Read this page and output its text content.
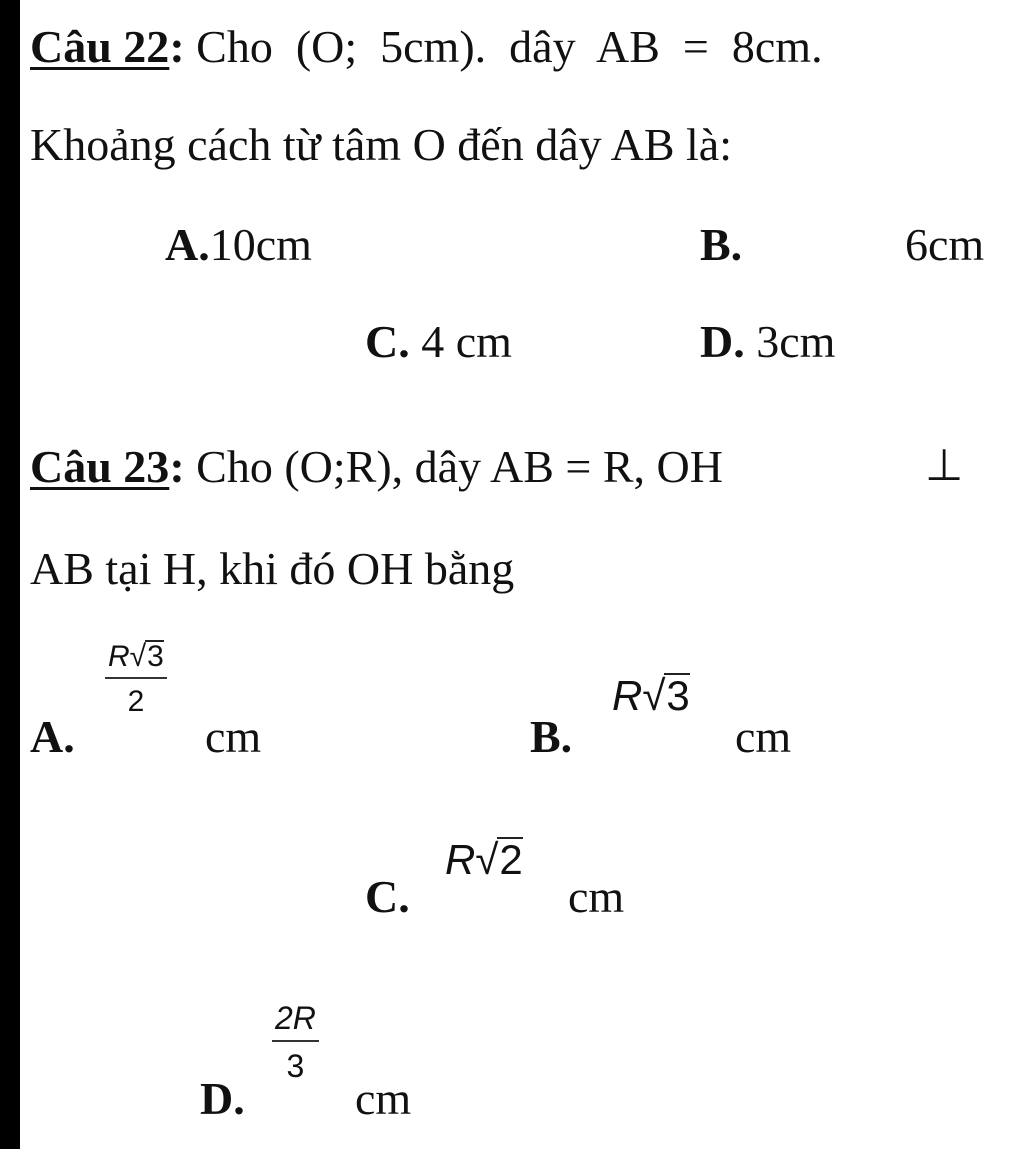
Câu 22: Cho  (O;  5cm).  dây  AB  =  8cm.
Khoảng cách từ tâm O đến dây AB là:
A.10cm	B.	6cm
C. 4 cm	D. 3cm
Câu 23: Cho (O;R), dây AB = R, OH	⊥
AB tại H, khi đó OH bằng
A.
$\frac{R√3}{2}$
cm	B.
R√3
cm
C.
R√2
cm
D.
$\frac{2R}{3}$
cm
